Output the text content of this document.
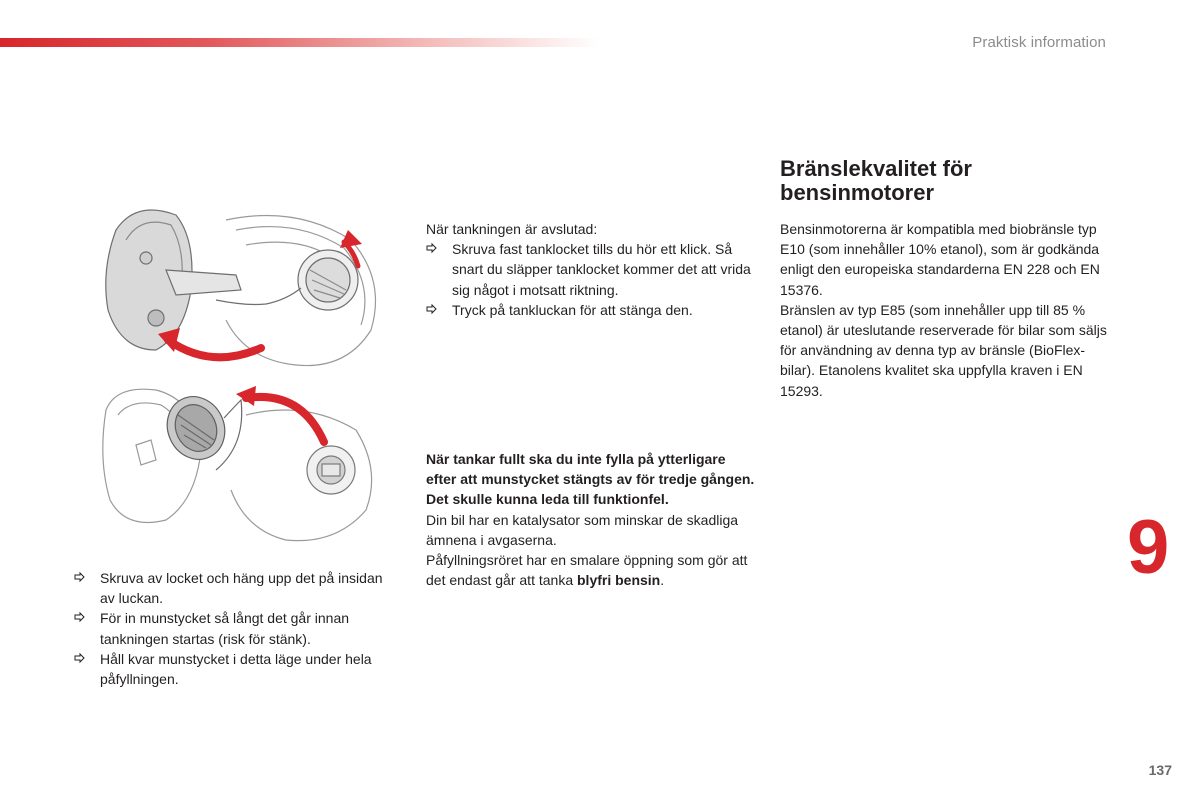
Praktisk information
Skruva av locket och häng upp det på insidan av luckan.
För in munstycket så långt det går innan tankningen startas (risk för stänk).
Håll kvar munstycket i detta läge under hela påfyllningen.

När tankningen är avslutad:

Skruva fast tanklocket tills du hör ett klick. Så snart du släpper tanklocket kommer det att vrida sig något i motsatt riktning.
Tryck på tankluckan för att stänga den.

När tankar fullt ska du inte fylla på ytterligare efter att munstycket stängts av för tredje gången. Det skulle kunna leda till funktionfel.

Din bil har en katalysator som minskar de skadliga ämnena i avgaserna.

Påfyllningsröret har en smalare öppning som gör att det endast går att tanka blyfri bensin.

Bränslekvalitet för bensinmotorer

Bensinmotorerna är kompatibla med biobränsle typ E10 (som innehåller 10% etanol), som är godkända enligt den europeiska standarderna EN 228 och EN 15376.

Bränslen av typ E85 (som innehåller upp till 85 % etanol) är uteslutande reserverade för bilar som säljs för användning av denna typ av bränsle (BioFlex-bilar). Etanolens kvalitet ska uppfylla kraven i EN 15293.

9
137
